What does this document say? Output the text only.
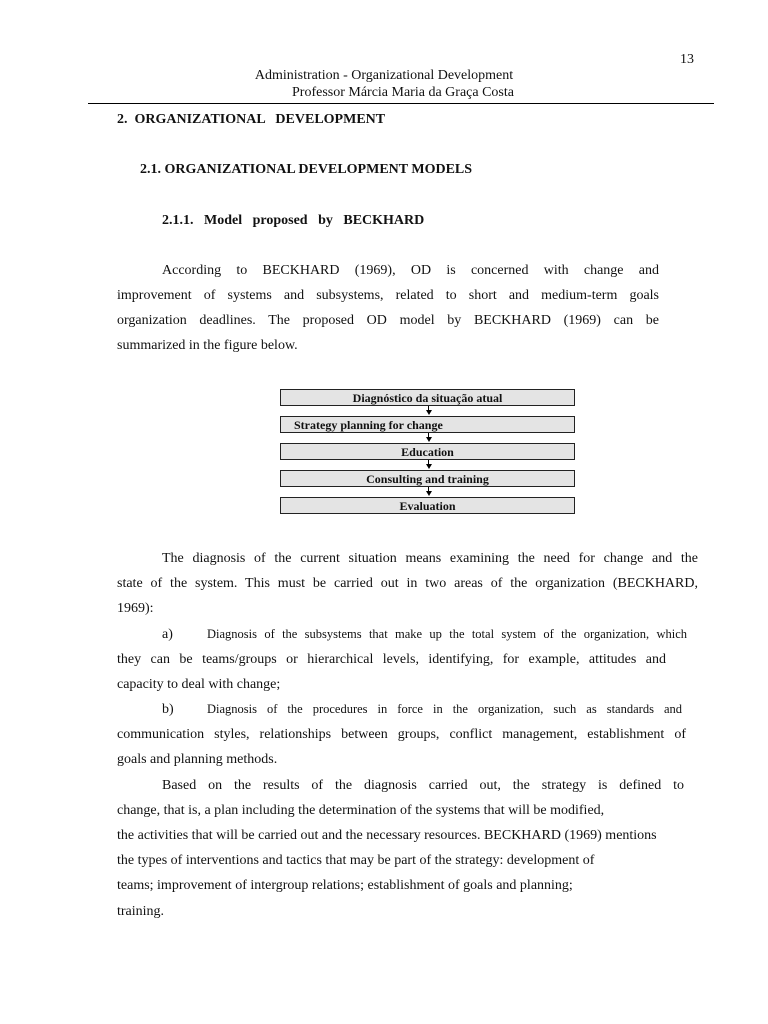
13
Administration - Organizational Development
Professor Márcia Maria da Graça Costa
2.  ORGANIZATIONAL   DEVELOPMENT
2.1. ORGANIZATIONAL DEVELOPMENT MODELS
2.1.1.   Model   proposed   by   BECKHARD
According to BECKHARD (1969), OD is concerned with change and
improvement of systems and subsystems, related to short and medium-term goals
organization deadlines. The proposed OD model by BECKHARD (1969) can be
summarized in the figure below.
Diagnóstico da situação atual
Strategy planning for change
Education
Consulting and training
Evaluation
The diagnosis of the current situation means examining the need for change and the
state of the system. This must be carried out in two areas of the organization (BECKHARD,
1969):
a)	Diagnosis of the subsystems that make up the total system of the organization, which
they can be teams/groups or hierarchical levels, identifying, for example, attitudes and
capacity to deal with change;
b)	Diagnosis of the procedures in force in the organization, such as standards and
communication styles, relationships between groups, conflict management, establishment of
goals and planning methods.
Based on the results of the diagnosis carried out, the strategy is defined to
change, that is, a plan including the determination of the systems that will be modified,
the activities that will be carried out and the necessary resources. BECKHARD (1969) mentions
the types of interventions and tactics that may be part of the strategy: development of
teams; improvement of intergroup relations; establishment of goals and planning;
training.
